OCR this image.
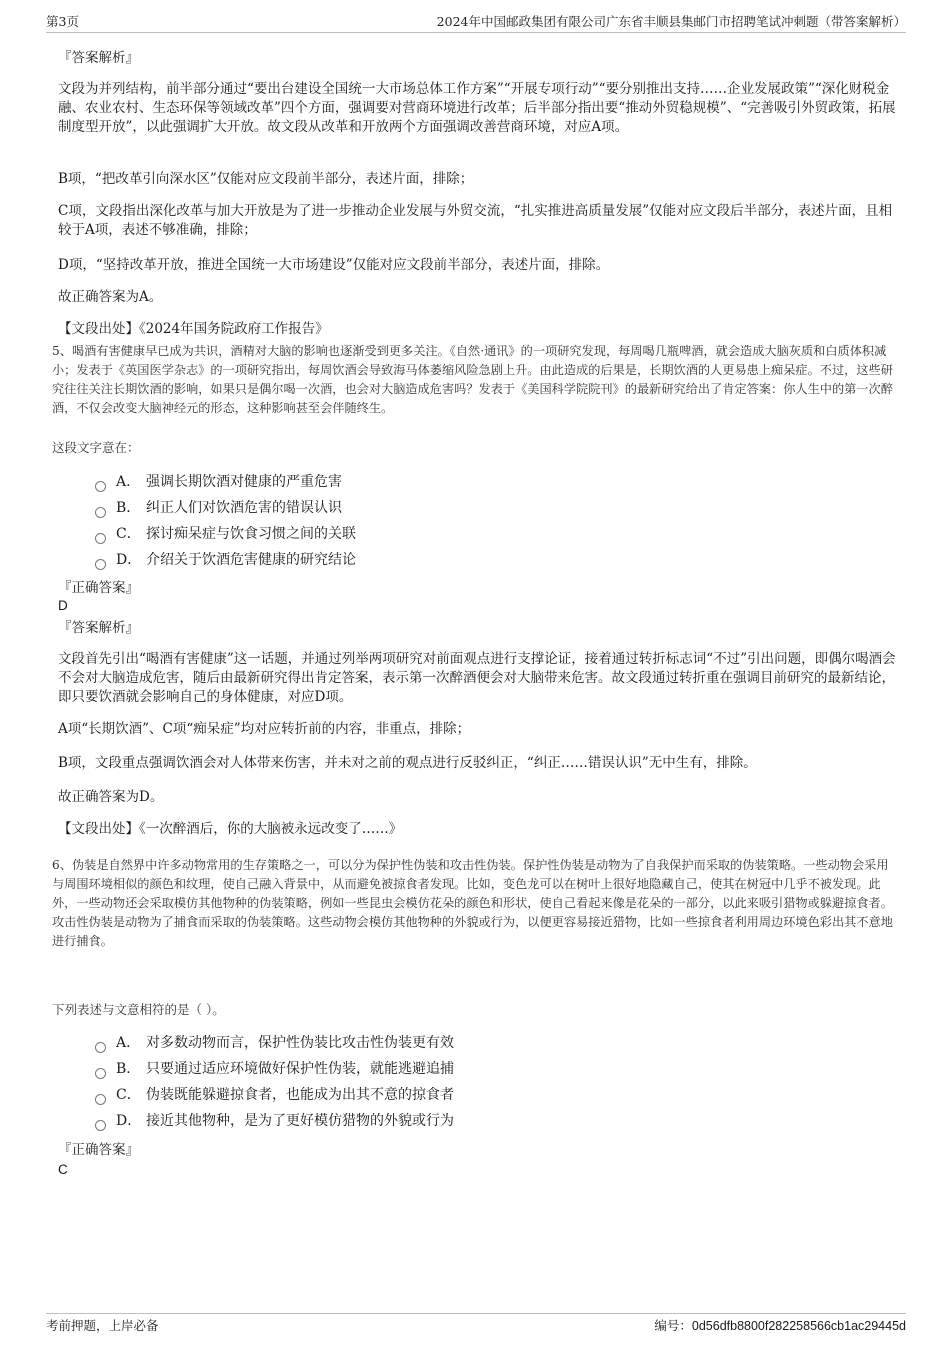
第3页	2024年中国邮政集团有限公司广东省丰顺县集邮门市招聘笔试冲刺题（带答案解析）

『答案解析』

文段为并列结构，前半部分通过“要出台建设全国统一大市场总体工作方案”“开展专项行动”“要分别推出支持……企业发展政策”“深化财税金融、农业农村、生态环保等领域改革”四个方面，强调要对营商环境进行改革；后半部分指出要“推动外贸稳规模”、“完善吸引外贸政策，拓展制度型开放”，以此强调扩大开放。故文段从改革和开放两个方面强调改善营商环境，对应A项。

B项，“把改革引向深水区”仅能对应文段前半部分，表述片面，排除；

C项，文段指出深化改革与加大开放是为了进一步推动企业发展与外贸交流，“扎实推进高质量发展”仅能对应文段后半部分，表述片面，且相较于A项，表述不够准确，排除；

D项，“坚持改革开放，推进全国统一大市场建设”仅能对应文段前半部分，表述片面，排除。

故正确答案为A。

【文段出处】《2024年国务院政府工作报告》

5、喝酒有害健康早已成为共识，酒精对大脑的影响也逐渐受到更多关注。《自然·通讯》的一项研究发现，每周喝几瓶啤酒，就会造成大脑灰质和白质体积减小；发表于《英国医学杂志》的一项研究指出，每周饮酒会导致海马体萎缩风险急剧上升。由此造成的后果是，长期饮酒的人更易患上痴呆症。不过，这些研究往往关注长期饮酒的影响，如果只是偶尔喝一次酒，也会对大脑造成危害吗？发表于《美国科学院院刊》的最新研究给出了肯定答案：你人生中的第一次醉酒，不仅会改变大脑神经元的形态，这种影响甚至会伴随终生。

这段文字意在：

A． 强调长期饮酒对健康的严重危害
B． 纠正人们对饮酒危害的错误认识
C． 探讨痴呆症与饮食习惯之间的关联
D． 介绍关于饮酒危害健康的研究结论

『正确答案』

D

『答案解析』

文段首先引出“喝酒有害健康”这一话题，并通过列举两项研究对前面观点进行支撑论证，接着通过转折标志词“不过”引出问题，即偶尔喝酒会不会对大脑造成危害，随后由最新研究得出肯定答案，表示第一次醉酒便会对大脑带来危害。故文段通过转折重在强调目前研究的最新结论，即只要饮酒就会影响自己的身体健康，对应D项。

A项“长期饮酒”、C项“痴呆症”均对应转折前的内容，非重点，排除；

B项，文段重点强调饮酒会对人体带来伤害，并未对之前的观点进行反驳纠正，“纠正……错误认识”无中生有，排除。

故正确答案为D。

【文段出处】《一次醉酒后，你的大脑被永远改变了……》

6、伪装是自然界中许多动物常用的生存策略之一，可以分为保护性伪装和攻击性伪装。保护性伪装是动物为了自我保护而采取的伪装策略。一些动物会采用与周围环境相似的颜色和纹理，使自己融入背景中，从而避免被掠食者发现。比如，变色龙可以在树叶上很好地隐藏自己，使其在树冠中几乎不被发现。此外，一些动物还会采取模仿其他物种的伪装策略，例如一些昆虫会模仿花朵的颜色和形状，使自己看起来像是花朵的一部分，以此来吸引猎物或躲避掠食者。攻击性伪装是动物为了捕食而采取的伪装策略。这些动物会模仿其他物种的外貌或行为，以便更容易接近猎物，比如一些掠食者利用周边环境色彩出其不意地进行捕食。

下列表述与文意相符的是（ ）。

A． 对多数动物而言，保护性伪装比攻击性伪装更有效
B． 只要通过适应环境做好保护性伪装，就能逃避追捕
C． 伪装既能躲避掠食者，也能成为出其不意的掠食者
D． 接近其他物种，是为了更好模仿猎物的外貌或行为

『正确答案』

C

考前押题，上岸必备	编号：0d56dfb8800f282258566cb1ac29445d
